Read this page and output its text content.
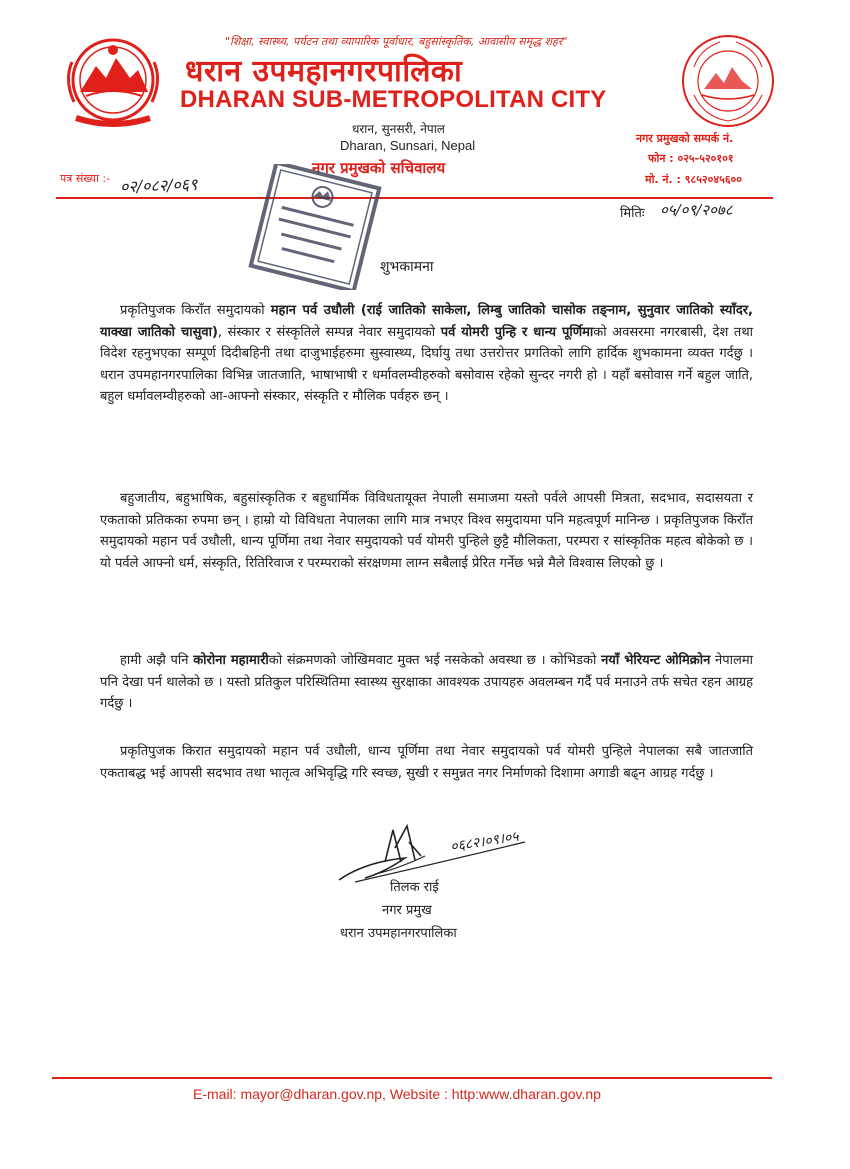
"शिक्षा, स्वास्थ्य, पर्यटन तथा व्यापारिक पूर्वाधार, बहुसांस्कृतिक, आवासीय समृद्ध शहर"
धरान उपमहानगरपालिका
DHARAN SUB-METROPOLITAN CITY
धरान, सुनसरी, नेपाल
Dharan, Sunsari, Nepal
नगर प्रमुखको सचिवालय
नगर प्रमुखको सम्पर्क नं.
फोन : ०२५-५२०१०१
मो. नं. : ९८५२०४५६००
पत्र संख्या :- ०२/०८२/०६९
मितिः ०५/०९/२०७८
शुभकामना
प्रकृतिपुजक किराँत समुदायको महान पर्व उधौली (राई जातिको साकेला, लिम्बु जातिको चासोक तङ्नाम, सुनुवार जातिको स्याँदर, याक्खा जातिको चासुवा), संस्कार र संस्कृतिले सम्पन्न नेवार समुदायको पर्व योमरी पुन्हि र धान्य पूर्णिमाको अवसरमा नगरबासी, देश तथा विदेश रहनुभएका सम्पूर्ण दिदीबहिनी तथा दाजुभाईहरुमा सुस्वास्थ्य, दिर्घायु तथा उत्तरोत्तर प्रगतिको लागि हार्दिक शुभकामना व्यक्त गर्दछु । धरान उपमहानगरपालिका विभिन्न जातजाति, भाषाभाषी र धर्मावलम्वीहरुको बसोवास रहेको सुन्दर नगरी हो । यहाँ बसोवास गर्ने बहुल जाति, बहुल धर्मावलम्वीहरुको आ-आफ्नो संस्कार, संस्कृति र मौलिक पर्वहरु छन् ।
बहुजातीय, बहुभाषिक, बहुसांस्कृतिक र बहुधार्मिक विविधतायूक्त नेपाली समाजमा यस्तो पर्वले आपसी मित्रता, सदभाव, सदासयता र एकताको प्रतिकका रुपमा छन् । हाम्रो यो विविधता नेपालका लागि मात्र नभएर विश्व समुदायमा पनि महत्वपूर्ण मानिन्छ । प्रकृतिपुजक किराँत समुदायको महान पर्व उधौली, धान्य पूर्णिमा तथा नेवार समुदायको पर्व योमरी पुन्हिले छुट्टै मौलिकता, परम्परा र सांस्कृतिक महत्व बोकेको छ । यो पर्वले आफ्नो धर्म, संस्कृति, रितिरिवाज र परम्पराको संरक्षणमा लाग्न सबैलाई प्रेरित गर्नेछ भन्ने मैले विश्वास लिएको छु ।
हामी अझै पनि कोरोना महामारीको संक्रमणको जोखिमवाट मुक्त भई नसकेको अवस्था छ । कोभिडको नयाँ भेरियन्ट ओमिक्रोन नेपालमा पनि देखा पर्न थालेको छ । यस्तो प्रतिकुल परिस्थितिमा स्वास्थ्य सुरक्षाका आवश्यक उपायहरु अवलम्बन गर्दै पर्व मनाउने तर्फ सचेत रहन आग्रह गर्दछु ।
प्रकृतिपुजक किरात समुदायको महान पर्व उधौली, धान्य पूर्णिमा तथा नेवार समुदायको पर्व योमरी पुन्हिले नेपालका सबै जातजाति एकताबद्ध भई आपसी सदभाव तथा भातृत्व अभिवृद्धि गरि स्वच्छ, सुखी र समुन्नत नगर निर्माणको दिशामा अगाडी बढ्न आग्रह गर्दछु ।
०६८२।०९।०५
तिलक राई
नगर प्रमुख
धरान उपमहानगरपालिका
E-mail: mayor@dharan.gov.np, Website : http:www.dharan.gov.np
